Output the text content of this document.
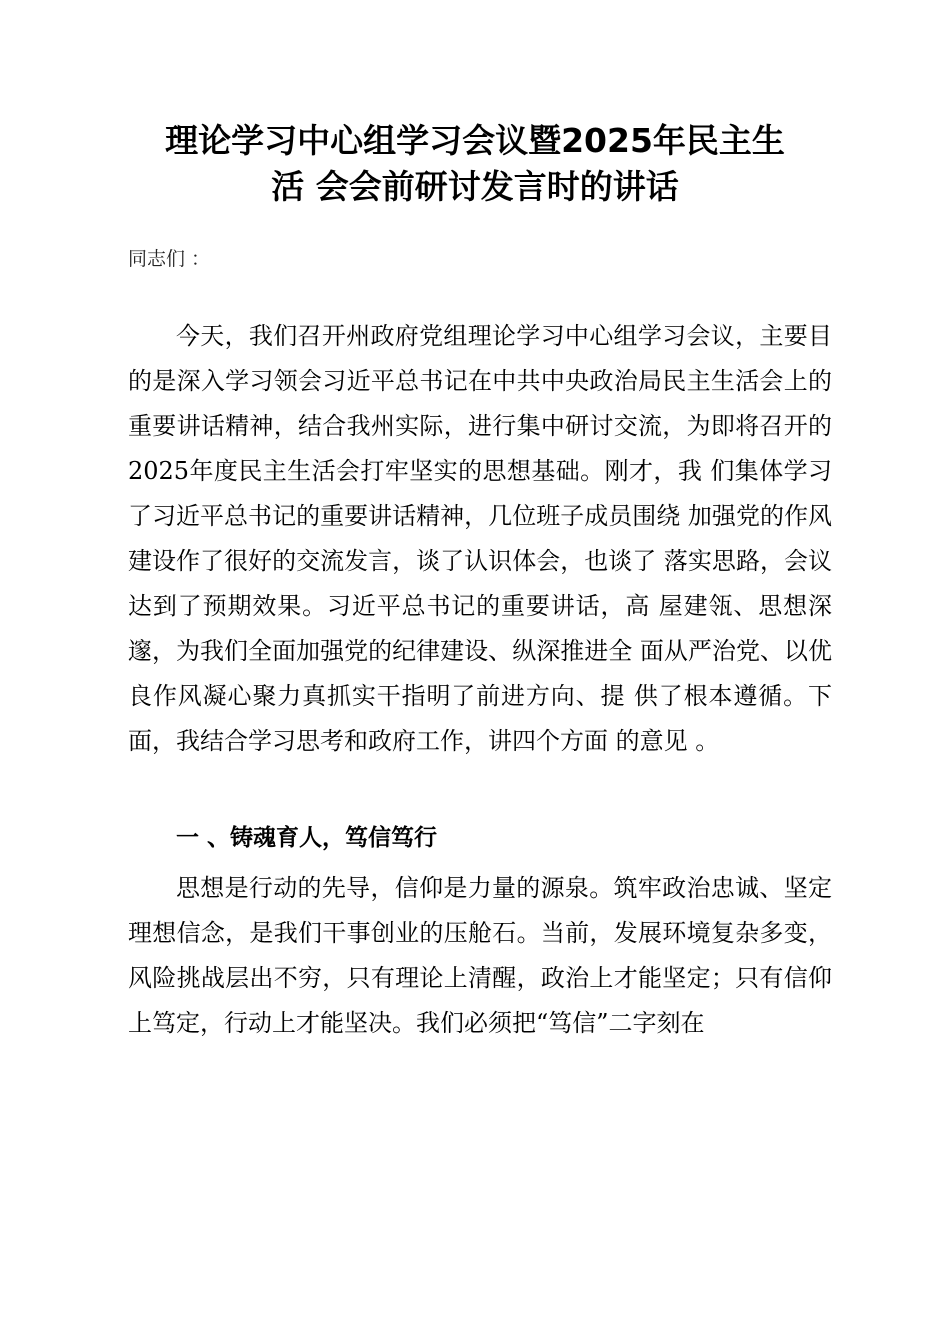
理论学习中心组学习会议暨2025年民主生
活 会会前研讨发言时的讲话

同志们 ：

今天，我们召开州政府党组理论学习中心组学习会议，主要目的是深入学习领会习近平总书记在中共中央政治局民主生活会上的重要讲话精神，结合我州实际，进行集中研讨交流，为即将召开的2025年度民主生活会打牢坚实的思想基础。刚才，我 们集体学习了习近平总书记的重要讲话精神，几位班子成员围绕 加强党的作风建设作了很好的交流发言，谈了认识体会，也谈了 落实思路，会议达到了预期效果。习近平总书记的重要讲话，高 屋建瓴、思想深邃，为我们全面加强党的纪律建设、纵深推进全 面从严治党、以优良作风凝心聚力真抓实干指明了前进方向、提 供了根本遵循。下面，我结合学习思考和政府工作，讲四个方面 的意见 。

一 、铸魂育人，笃信笃行

思想是行动的先导，信仰是力量的源泉。筑牢政治忠诚、坚定理想信念，是我们干事创业的压舱石。当前，发展环境复杂多变，风险挑战层出不穷，只有理论上清醒，政治上才能坚定；只有信仰上笃定，行动上才能坚决。我们必须把“笃信”二字刻在
